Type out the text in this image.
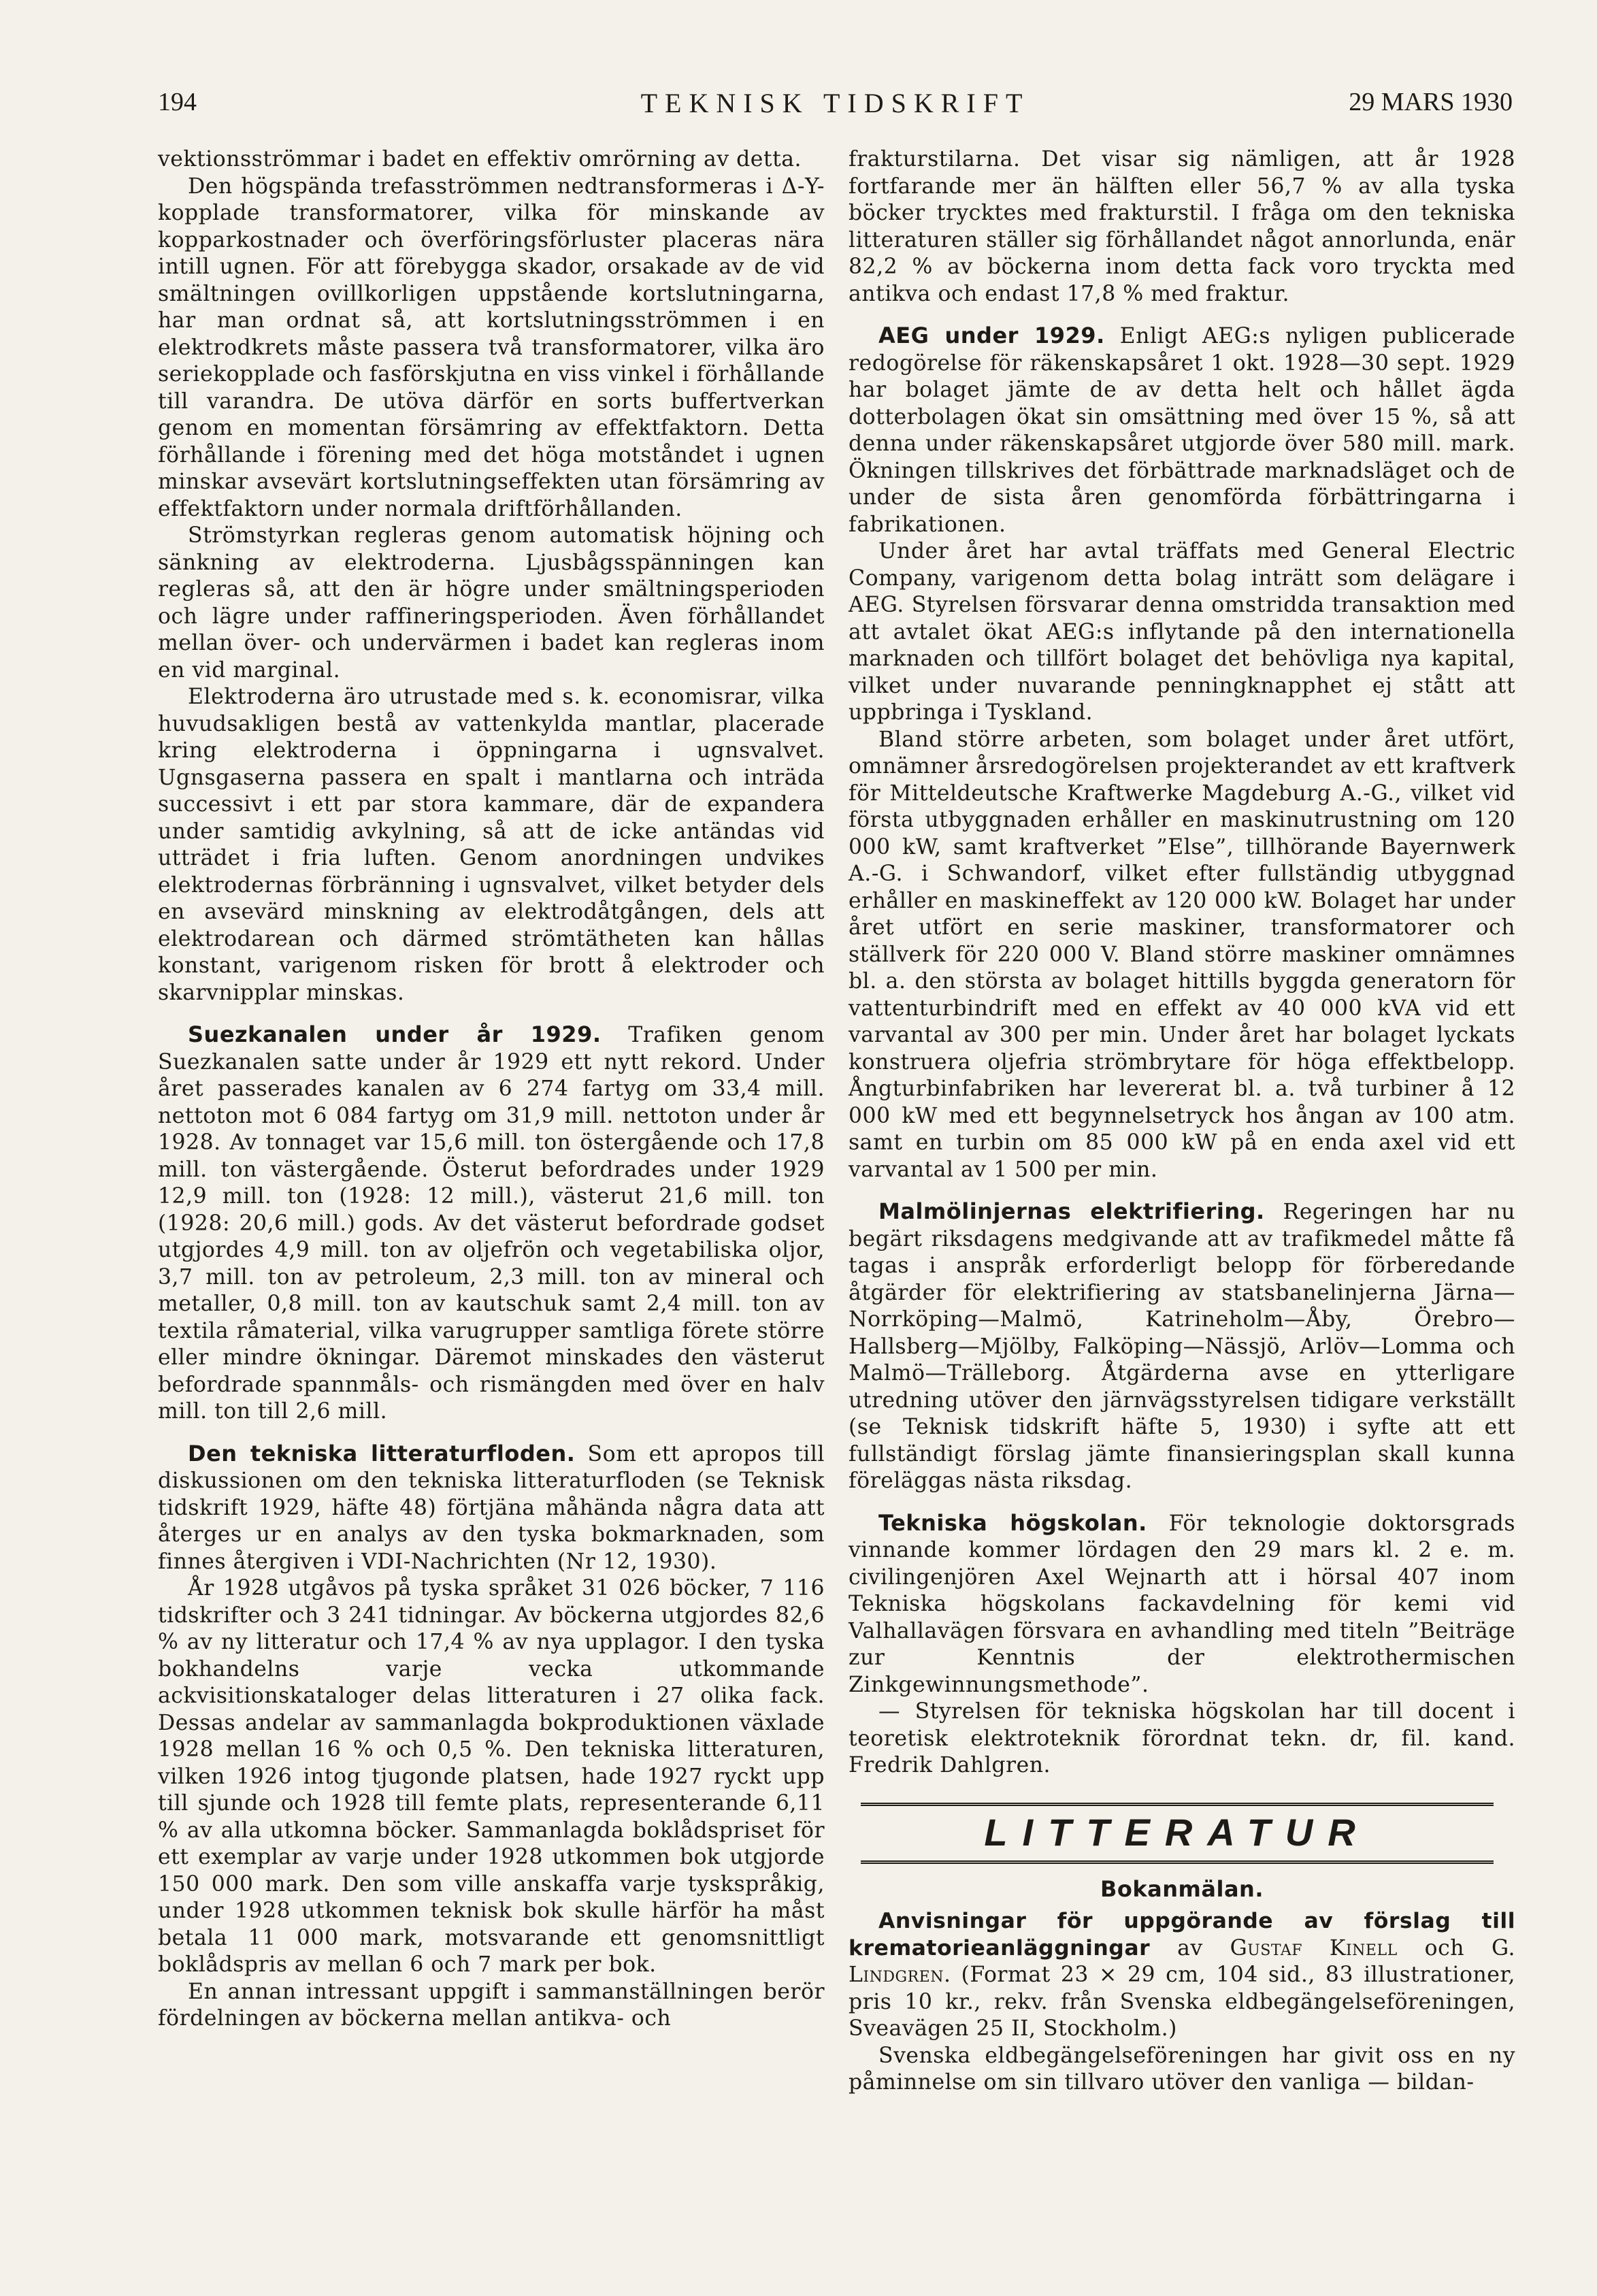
194	TEKNISK TIDSKRIFT	29 MARS 1930

vektionsströmmar i badet en effektiv omrörning av detta.

Den högspända trefasströmmen nedtransformeras i Δ-Y-kopplade transformatorer, vilka för minskande av kopparkostnader och överföringsförluster placeras nära intill ugnen. För att förebygga skador, orsakade av de vid smältningen ovillkorligen uppstående kortslutningarna, har man ordnat så, att kortslutningsströmmen i en elektrodkrets måste passera två transformatorer, vilka äro seriekopplade och fasförskjutna en viss vinkel i förhållande till varandra. De utöva därför en sorts buffertverkan genom en momentan försämring av effektfaktorn. Detta förhållande i förening med det höga motståndet i ugnen minskar avsevärt kortslutningseffekten utan försämring av effektfaktorn under normala driftförhållanden.

Strömstyrkan regleras genom automatisk höjning och sänkning av elektroderna. Ljusbågsspänningen kan regleras så, att den är högre under smältningsperioden och lägre under raffineringsperioden. Även förhållandet mellan över- och undervärmen i badet kan regleras inom en vid marginal.

Elektroderna äro utrustade med s. k. economisrar, vilka huvudsakligen bestå av vattenkylda mantlar, placerade kring elektroderna i öppningarna i ugnsvalvet. Ugnsgaserna passera en spalt i mantlarna och inträda successivt i ett par stora kammare, där de expandera under samtidig avkylning, så att de icke antändas vid utträdet i fria luften. Genom anordningen undvikes elektrodernas förbränning i ugnsvalvet, vilket betyder dels en avsevärd minskning av elektrodåtgången, dels att elektrodarean och därmed strömtätheten kan hållas konstant, varigenom risken för brott å elektroder och skarvnipplar minskas.

Suezkanalen under år 1929. Trafiken genom Suezkanalen satte under år 1929 ett nytt rekord. Under året passerades kanalen av 6 274 fartyg om 33,4 mill. nettoton mot 6 084 fartyg om 31,9 mill. nettoton under år 1928. Av tonnaget var 15,6 mill. ton östergående och 17,8 mill. ton västergående. Österut befordrades under 1929 12,9 mill. ton (1928: 12 mill.), västerut 21,6 mill. ton (1928: 20,6 mill.) gods. Av det västerut befordrade godset utgjordes 4,9 mill. ton av oljefrön och vegetabiliska oljor, 3,7 mill. ton av petroleum, 2,3 mill. ton av mineral och metaller, 0,8 mill. ton av kautschuk samt 2,4 mill. ton av textila råmaterial, vilka varugrupper samtliga förete större eller mindre ökningar. Däremot minskades den västerut befordrade spannmåls- och rismängden med över en halv mill. ton till 2,6 mill.

Den tekniska litteraturfloden. Som ett apropos till diskussionen om den tekniska litteraturfloden (se Teknisk tidskrift 1929, häfte 48) förtjäna måhända några data att återges ur en analys av den tyska bokmarknaden, som finnes återgiven i VDI-Nachrichten (Nr 12, 1930).

År 1928 utgåvos på tyska språket 31 026 böcker, 7 116 tidskrifter och 3 241 tidningar. Av böckerna utgjordes 82,6 % av ny litteratur och 17,4 % av nya upplagor. I den tyska bokhandelns varje vecka utkommande ackvisitionskataloger delas litteraturen i 27 olika fack. Dessas andelar av sammanlagda bokproduktionen växlade 1928 mellan 16 % och 0,5 %. Den tekniska litteraturen, vilken 1926 intog tjugonde platsen, hade 1927 ryckt upp till sjunde och 1928 till femte plats, representerande 6,11 % av alla utkomna böcker. Sammanlagda boklådspriset för ett exemplar av varje under 1928 utkommen bok utgjorde 150 000 mark. Den som ville anskaffa varje tyskspråkig, under 1928 utkommen teknisk bok skulle härför ha måst betala 11 000 mark, motsvarande ett genomsnittligt boklådspris av mellan 6 och 7 mark per bok.

En annan intressant uppgift i sammanställningen berör fördelningen av böckerna mellan antikva- och

frakturstilarna. Det visar sig nämligen, att år 1928 fortfarande mer än hälften eller 56,7 % av alla tyska böcker trycktes med frakturstil. I fråga om den tekniska litteraturen ställer sig förhållandet något annorlunda, enär 82,2 % av böckerna inom detta fack voro tryckta med antikva och endast 17,8 % med fraktur.

AEG under 1929. Enligt AEG:s nyligen publicerade redogörelse för räkenskapsåret 1 okt. 1928—30 sept. 1929 har bolaget jämte de av detta helt och hållet ägda dotterbolagen ökat sin omsättning med över 15 %, så att denna under räkenskapsåret utgjorde över 580 mill. mark. Ökningen tillskrives det förbättrade marknadsläget och de under de sista åren genomförda förbättringarna i fabrikationen.

Under året har avtal träffats med General Electric Company, varigenom detta bolag inträtt som delägare i AEG. Styrelsen försvarar denna omstridda transaktion med att avtalet ökat AEG:s inflytande på den internationella marknaden och tillfört bolaget det behövliga nya kapital, vilket under nuvarande penningknapphet ej stått att uppbringa i Tyskland.

Bland större arbeten, som bolaget under året utfört, omnämner årsredogörelsen projekterandet av ett kraftverk för Mitteldeutsche Kraftwerke Magdeburg A.-G., vilket vid första utbyggnaden erhåller en maskinutrustning om 120 000 kW, samt kraftverket ”Else”, tillhörande Bayernwerk A.-G. i Schwandorf, vilket efter fullständig utbyggnad erhåller en maskineffekt av 120 000 kW. Bolaget har under året utfört en serie maskiner, transformatorer och ställverk för 220 000 V. Bland större maskiner omnämnes bl. a. den största av bolaget hittills byggda generatorn för vattenturbindrift med en effekt av 40 000 kVA vid ett varvantal av 300 per min. Under året har bolaget lyckats konstruera oljefria strömbrytare för höga effektbelopp. Ångturbinfabriken har levererat bl. a. två turbiner å 12 000 kW med ett begynnelsetryck hos ångan av 100 atm. samt en turbin om 85 000 kW på en enda axel vid ett varvantal av 1 500 per min.

Malmölinjernas elektrifiering. Regeringen har nu begärt riksdagens medgivande att av trafikmedel måtte få tagas i anspråk erforderligt belopp för förberedande åtgärder för elektrifiering av statsbanelinjerna Järna—Norrköping—Malmö, Katrineholm—Åby, Örebro—Hallsberg—Mjölby, Falköping—Nässjö, Arlöv—Lomma och Malmö—Trälleborg. Åtgärderna avse en ytterligare utredning utöver den järnvägsstyrelsen tidigare verkställt (se Teknisk tidskrift häfte 5, 1930) i syfte att ett fullständigt förslag jämte finansieringsplan skall kunna föreläggas nästa riksdag.

Tekniska högskolan. För teknologie doktorsgrads vinnande kommer lördagen den 29 mars kl. 2 e. m. civilingenjören Axel Wejnarth att i hörsal 407 inom Tekniska högskolans fackavdelning för kemi vid Valhallavägen försvara en avhandling med titeln ”Beiträge zur Kenntnis der elektrothermischen Zinkgewinnungsmethode”.

— Styrelsen för tekniska högskolan har till docent i teoretisk elektroteknik förordnat tekn. dr, fil. kand. Fredrik Dahlgren.

LITTERATUR
Bokanmälan.

Anvisningar för uppgörande av förslag till krematorieanläggningar av Gustaf Kinell och G. Lindgren. (Format 23 × 29 cm, 104 sid., 83 illustrationer, pris 10 kr., rekv. från Svenska eldbegängelseföreningen, Sveavägen 25 II, Stockholm.)

Svenska eldbegängelseföreningen har givit oss en ny påminnelse om sin tillvaro utöver den vanliga — bildan-
